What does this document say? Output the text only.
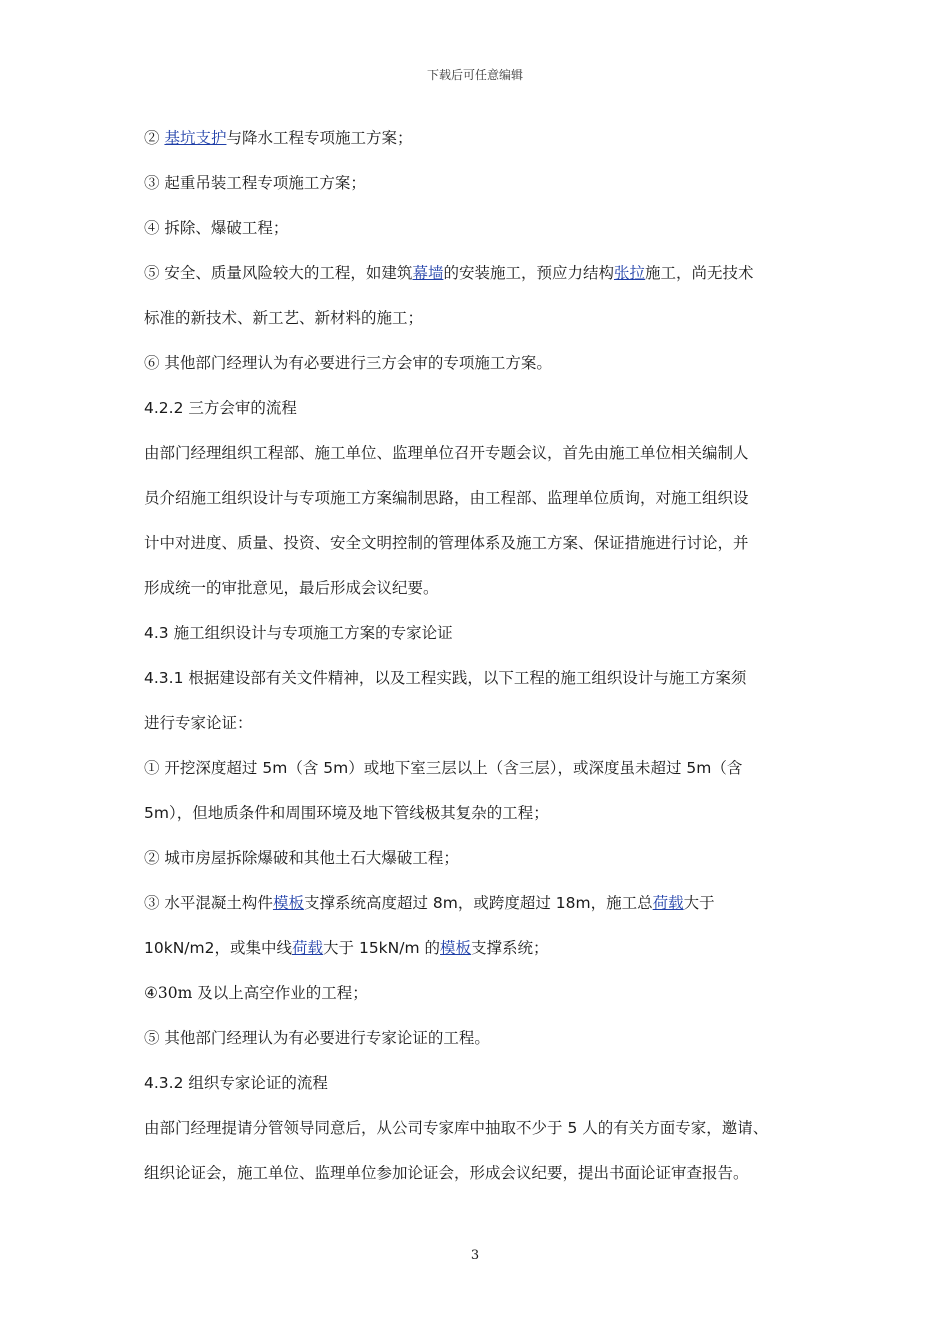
下载后可任意编辑
② 基坑支护与降水工程专项施工方案；
③ 起重吊装工程专项施工方案；
④ 拆除、爆破工程；
⑤ 安全、质量风险较大的工程，如建筑幕墙的安装施工，预应力结构张拉施工，尚无技术
标准的新技术、新工艺、新材料的施工；
⑥ 其他部门经理认为有必要进行三方会审的专项施工方案。
4.2.2 三方会审的流程
由部门经理组织工程部、施工单位、监理单位召开专题会议，首先由施工单位相关编制人
员介绍施工组织设计与专项施工方案编制思路，由工程部、监理单位质询，对施工组织设
计中对进度、质量、投资、安全文明控制的管理体系及施工方案、保证措施进行讨论，并
形成统一的审批意见，最后形成会议纪要。
4.3 施工组织设计与专项施工方案的专家论证
4.3.1 根据建设部有关文件精神，以及工程实践，以下工程的施工组织设计与施工方案须
进行专家论证：
① 开挖深度超过 5m（含 5m）或地下室三层以上（含三层），或深度虽未超过 5m（含
5m），但地质条件和周围环境及地下管线极其复杂的工程；
② 城市房屋拆除爆破和其他土石大爆破工程；
③ 水平混凝土构件模板支撑系统高度超过 8m，或跨度超过 18m，施工总荷载大于
10kN/m2，或集中线荷载大于 15kN/m 的模板支撑系统；
④30m 及以上高空作业的工程；
⑤ 其他部门经理认为有必要进行专家论证的工程。
4.3.2 组织专家论证的流程
由部门经理提请分管领导同意后，从公司专家库中抽取不少于 5 人的有关方面专家，邀请、
组织论证会，施工单位、监理单位参加论证会，形成会议纪要，提出书面论证审查报告。
3
